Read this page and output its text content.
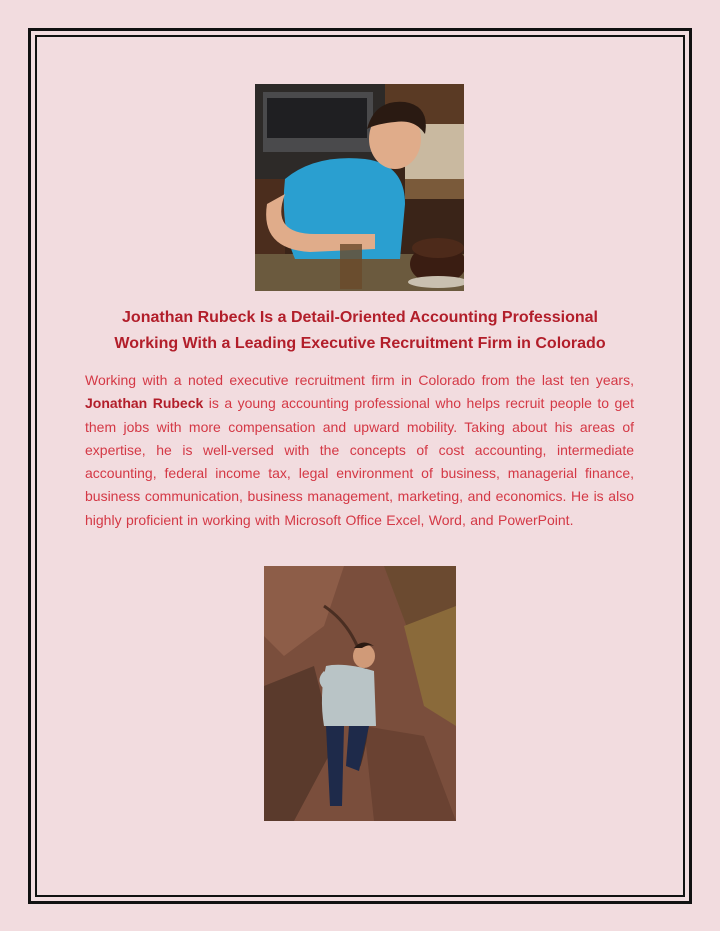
Jonathan Rubeck Is a Detail-Oriented Accounting Professional
Working With a Leading Executive Recruitment Firm in Colorado
Working with a noted executive recruitment firm in Colorado from the last ten years, Jonathan Rubeck is a young accounting professional who helps recruit people to get them jobs with more compensation and upward mobility. Taking about his areas of expertise, he is well-versed with the concepts of cost accounting, intermediate accounting, federal income tax, legal environment of business, managerial finance, business communication, business management, marketing, and economics. He is also highly proficient in working with Microsoft Office Excel, Word, and PowerPoint.
